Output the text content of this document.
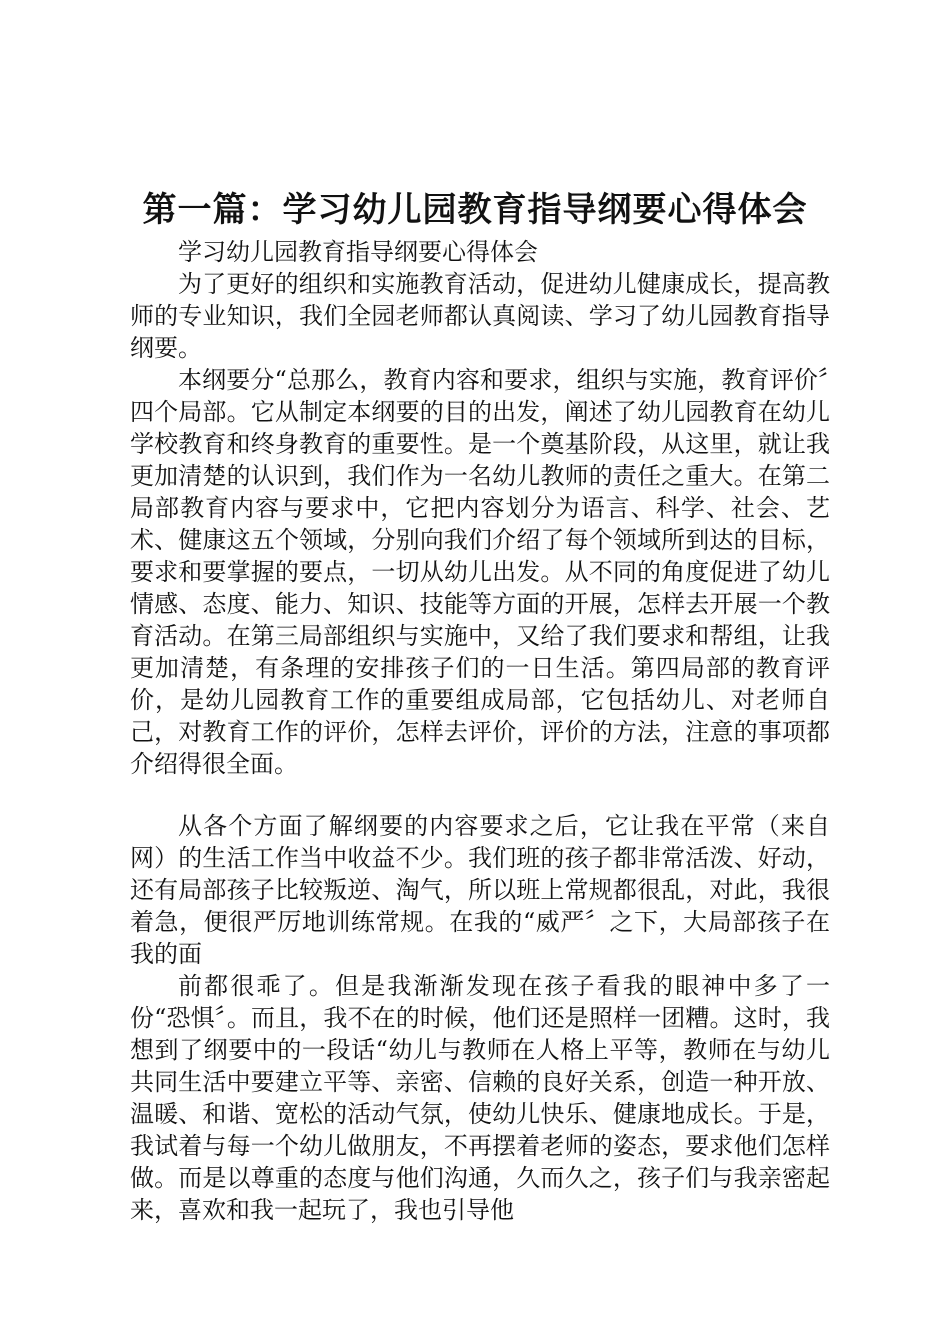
第一篇：学习幼儿园教育指导纲要心得体会

学习幼儿园教育指导纲要心得体会

为了更好的组织和实施教育活动，促进幼儿健康成长，提高教师的专业知识，我们全园老师都认真阅读、学习了幼儿园教育指导纲要。

本纲要分“总那么，教育内容和要求，组织与实施，教育评价〞四个局部。它从制定本纲要的目的出发，阐述了幼儿园教育在幼儿学校教育和终身教育的重要性。是一个奠基阶段，从这里，就让我更加清楚的认识到，我们作为一名幼儿教师的责任之重大。在第二局部教育内容与要求中，它把内容划分为语言、科学、社会、艺术、健康这五个领域，分别向我们介绍了每个领域所到达的目标，要求和要掌握的要点，一切从幼儿出发。从不同的角度促进了幼儿情感、态度、能力、知识、技能等方面的开展，怎样去开展一个教育活动。在第三局部组织与实施中，又给了我们要求和帮组，让我更加清楚，有条理的安排孩子们的一日生活。第四局部的教育评价，是幼儿园教育工作的重要组成局部，它包括幼儿、对老师自己，对教育工作的评价，怎样去评价，评价的方法，注意的事项都介绍得很全面。

从各个方面了解纲要的内容要求之后，它让我在平常（来自网）的生活工作当中收益不少。我们班的孩子都非常活泼、好动，还有局部孩子比较叛逆、淘气，所以班上常规都很乱，对此，我很着急，便很严厉地训练常规。在我的“威严〞之下，大局部孩子在我的面

前都很乖了。但是我渐渐发现在孩子看我的眼神中多了一份“恐惧〞。而且，我不在的时候，他们还是照样一团糟。这时，我想到了纲要中的一段话“幼儿与教师在人格上平等，教师在与幼儿共同生活中要建立平等、亲密、信赖的良好关系，创造一种开放、温暖、和谐、宽松的活动气氛，使幼儿快乐、健康地成长。于是，我试着与每一个幼儿做朋友，不再摆着老师的姿态，要求他们怎样做。而是以尊重的态度与他们沟通，久而久之，孩子们与我亲密起来，喜欢和我一起玩了，我也引导他
